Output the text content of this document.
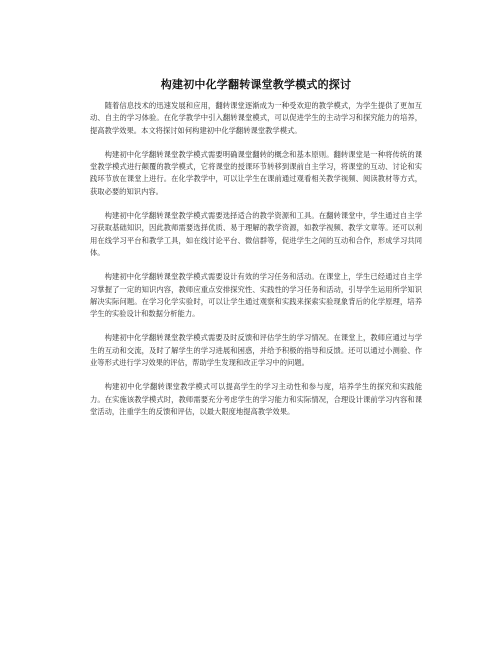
构建初中化学翻转课堂教学模式的探讨

随着信息技术的迅速发展和应用，翻转课堂逐渐成为一种受欢迎的教学模式，为学生提供了更加互动、自主的学习体验。在化学教学中引入翻转课堂模式，可以促进学生的主动学习和探究能力的培养，提高教学效果。本文将探讨如何构建初中化学翻转课堂教学模式。

构建初中化学翻转课堂教学模式需要明确课堂翻转的概念和基本原则。翻转课堂是一种将传统的课堂教学模式进行颠覆的教学模式，它将课堂的授课环节转移到课前自主学习，将课堂的互动、讨论和实践环节放在课堂上进行。在化学教学中，可以让学生在课前通过观看相关教学视频、阅读教材等方式，获取必要的知识内容。

构建初中化学翻转课堂教学模式需要选择适合的教学资源和工具。在翻转课堂中，学生通过自主学习获取基础知识，因此教师需要选择优质、易于理解的教学资源，如教学视频、教学文章等。还可以利用在线学习平台和教学工具，如在线讨论平台、微信群等，促进学生之间的互动和合作，形成学习共同体。

构建初中化学翻转课堂教学模式需要设计有效的学习任务和活动。在课堂上，学生已经通过自主学习掌握了一定的知识内容，教师应重点安排探究性、实践性的学习任务和活动，引导学生运用所学知识解决实际问题。在学习化学实验时，可以让学生通过观察和实践来探索实验现象背后的化学原理，培养学生的实验设计和数据分析能力。

构建初中化学翻转课堂教学模式需要及时反馈和评估学生的学习情况。在课堂上，教师应通过与学生的互动和交流，及时了解学生的学习进展和困惑，并给予积极的指导和反馈。还可以通过小测验、作业等形式进行学习效果的评估，帮助学生发现和改正学习中的问题。

构建初中化学翻转课堂教学模式可以提高学生的学习主动性和参与度，培养学生的探究和实践能力。在实施该教学模式时，教师需要充分考虑学生的学习能力和实际情况，合理设计课前学习内容和课堂活动，注重学生的反馈和评估，以最大限度地提高教学效果。
